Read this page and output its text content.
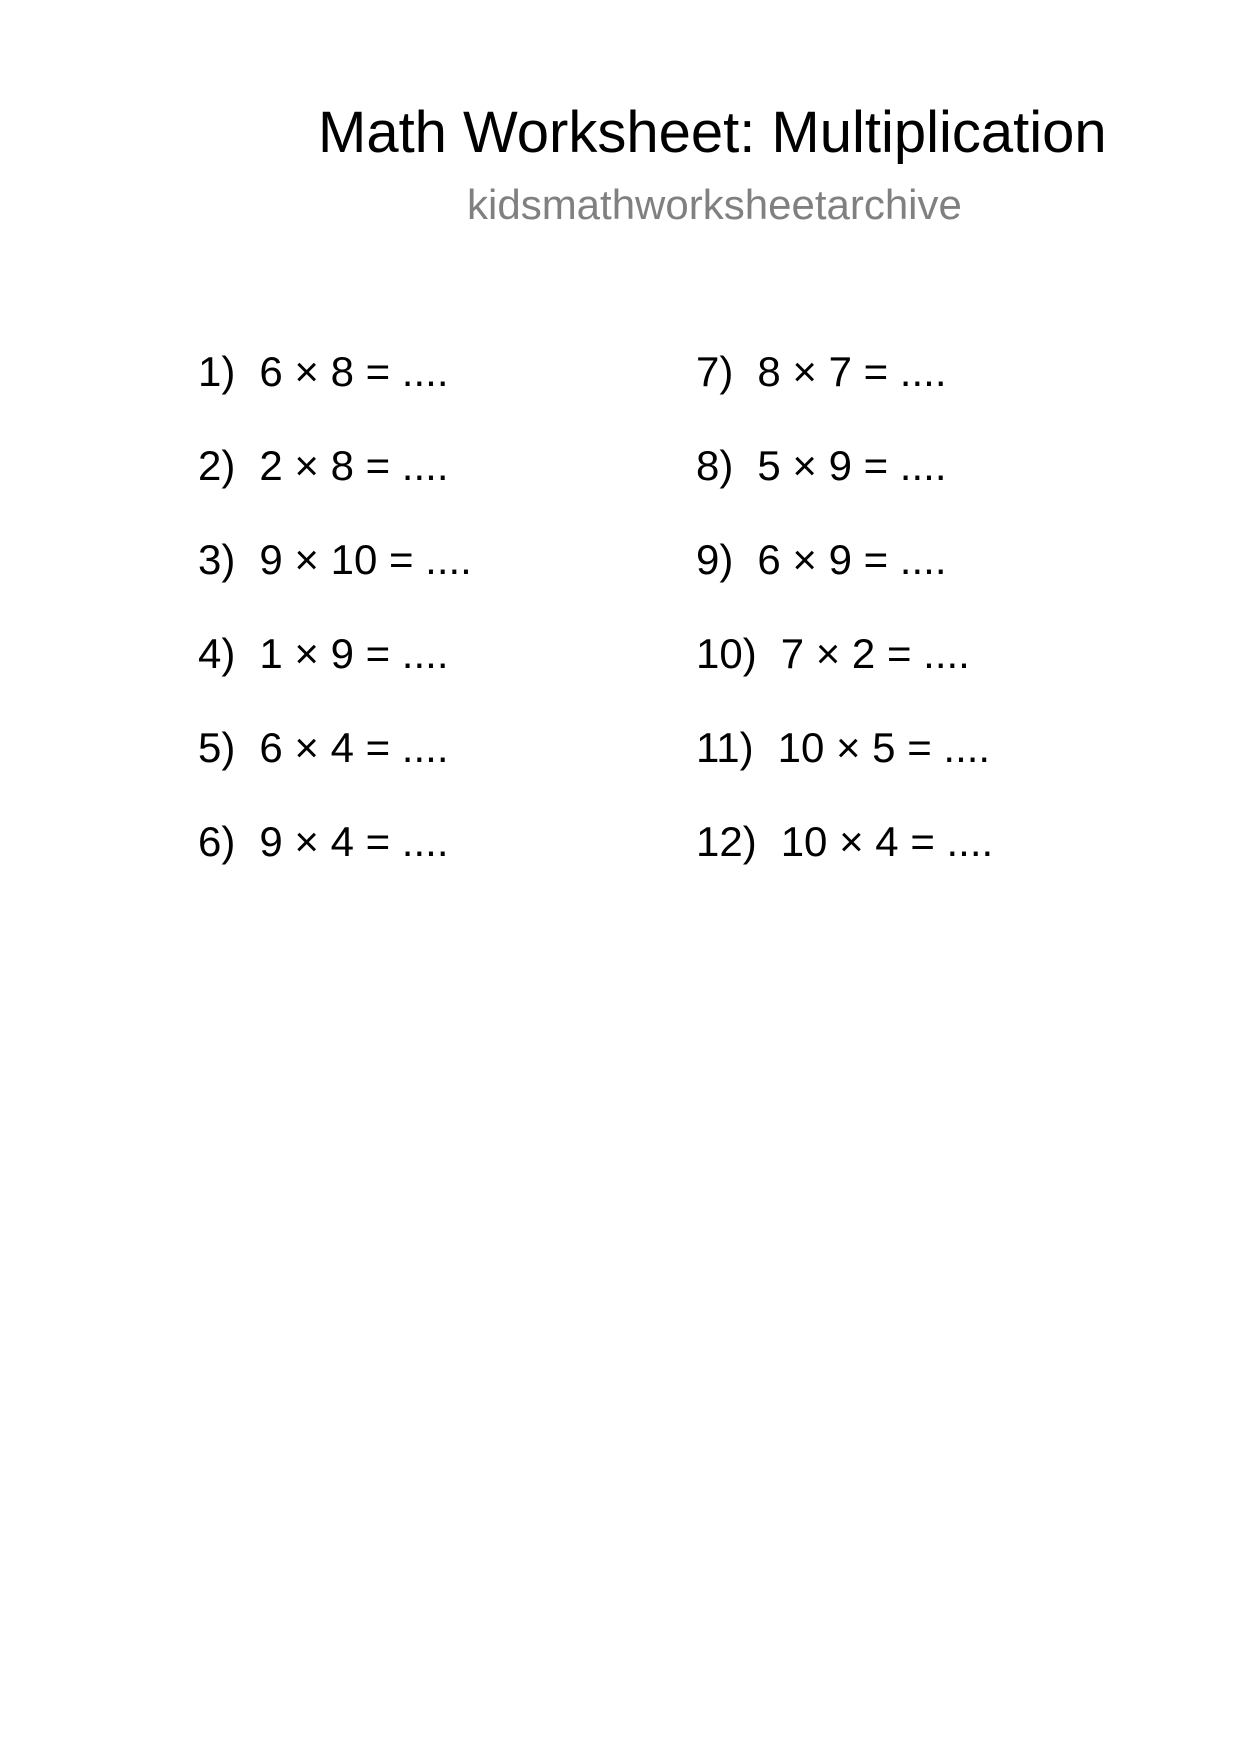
Math Worksheet: Multiplication
kidsmathworksheetarchive
1) 6 × 8 = ....
2) 2 × 8 = ....
3) 9 × 10 = ....
4) 1 × 9 = ....
5) 6 × 4 = ....
6) 9 × 4 = ....
7) 8 × 7 = ....
8) 5 × 9 = ....
9) 6 × 9 = ....
10) 7 × 2 = ....
11) 10 × 5 = ....
12) 10 × 4 = ....
